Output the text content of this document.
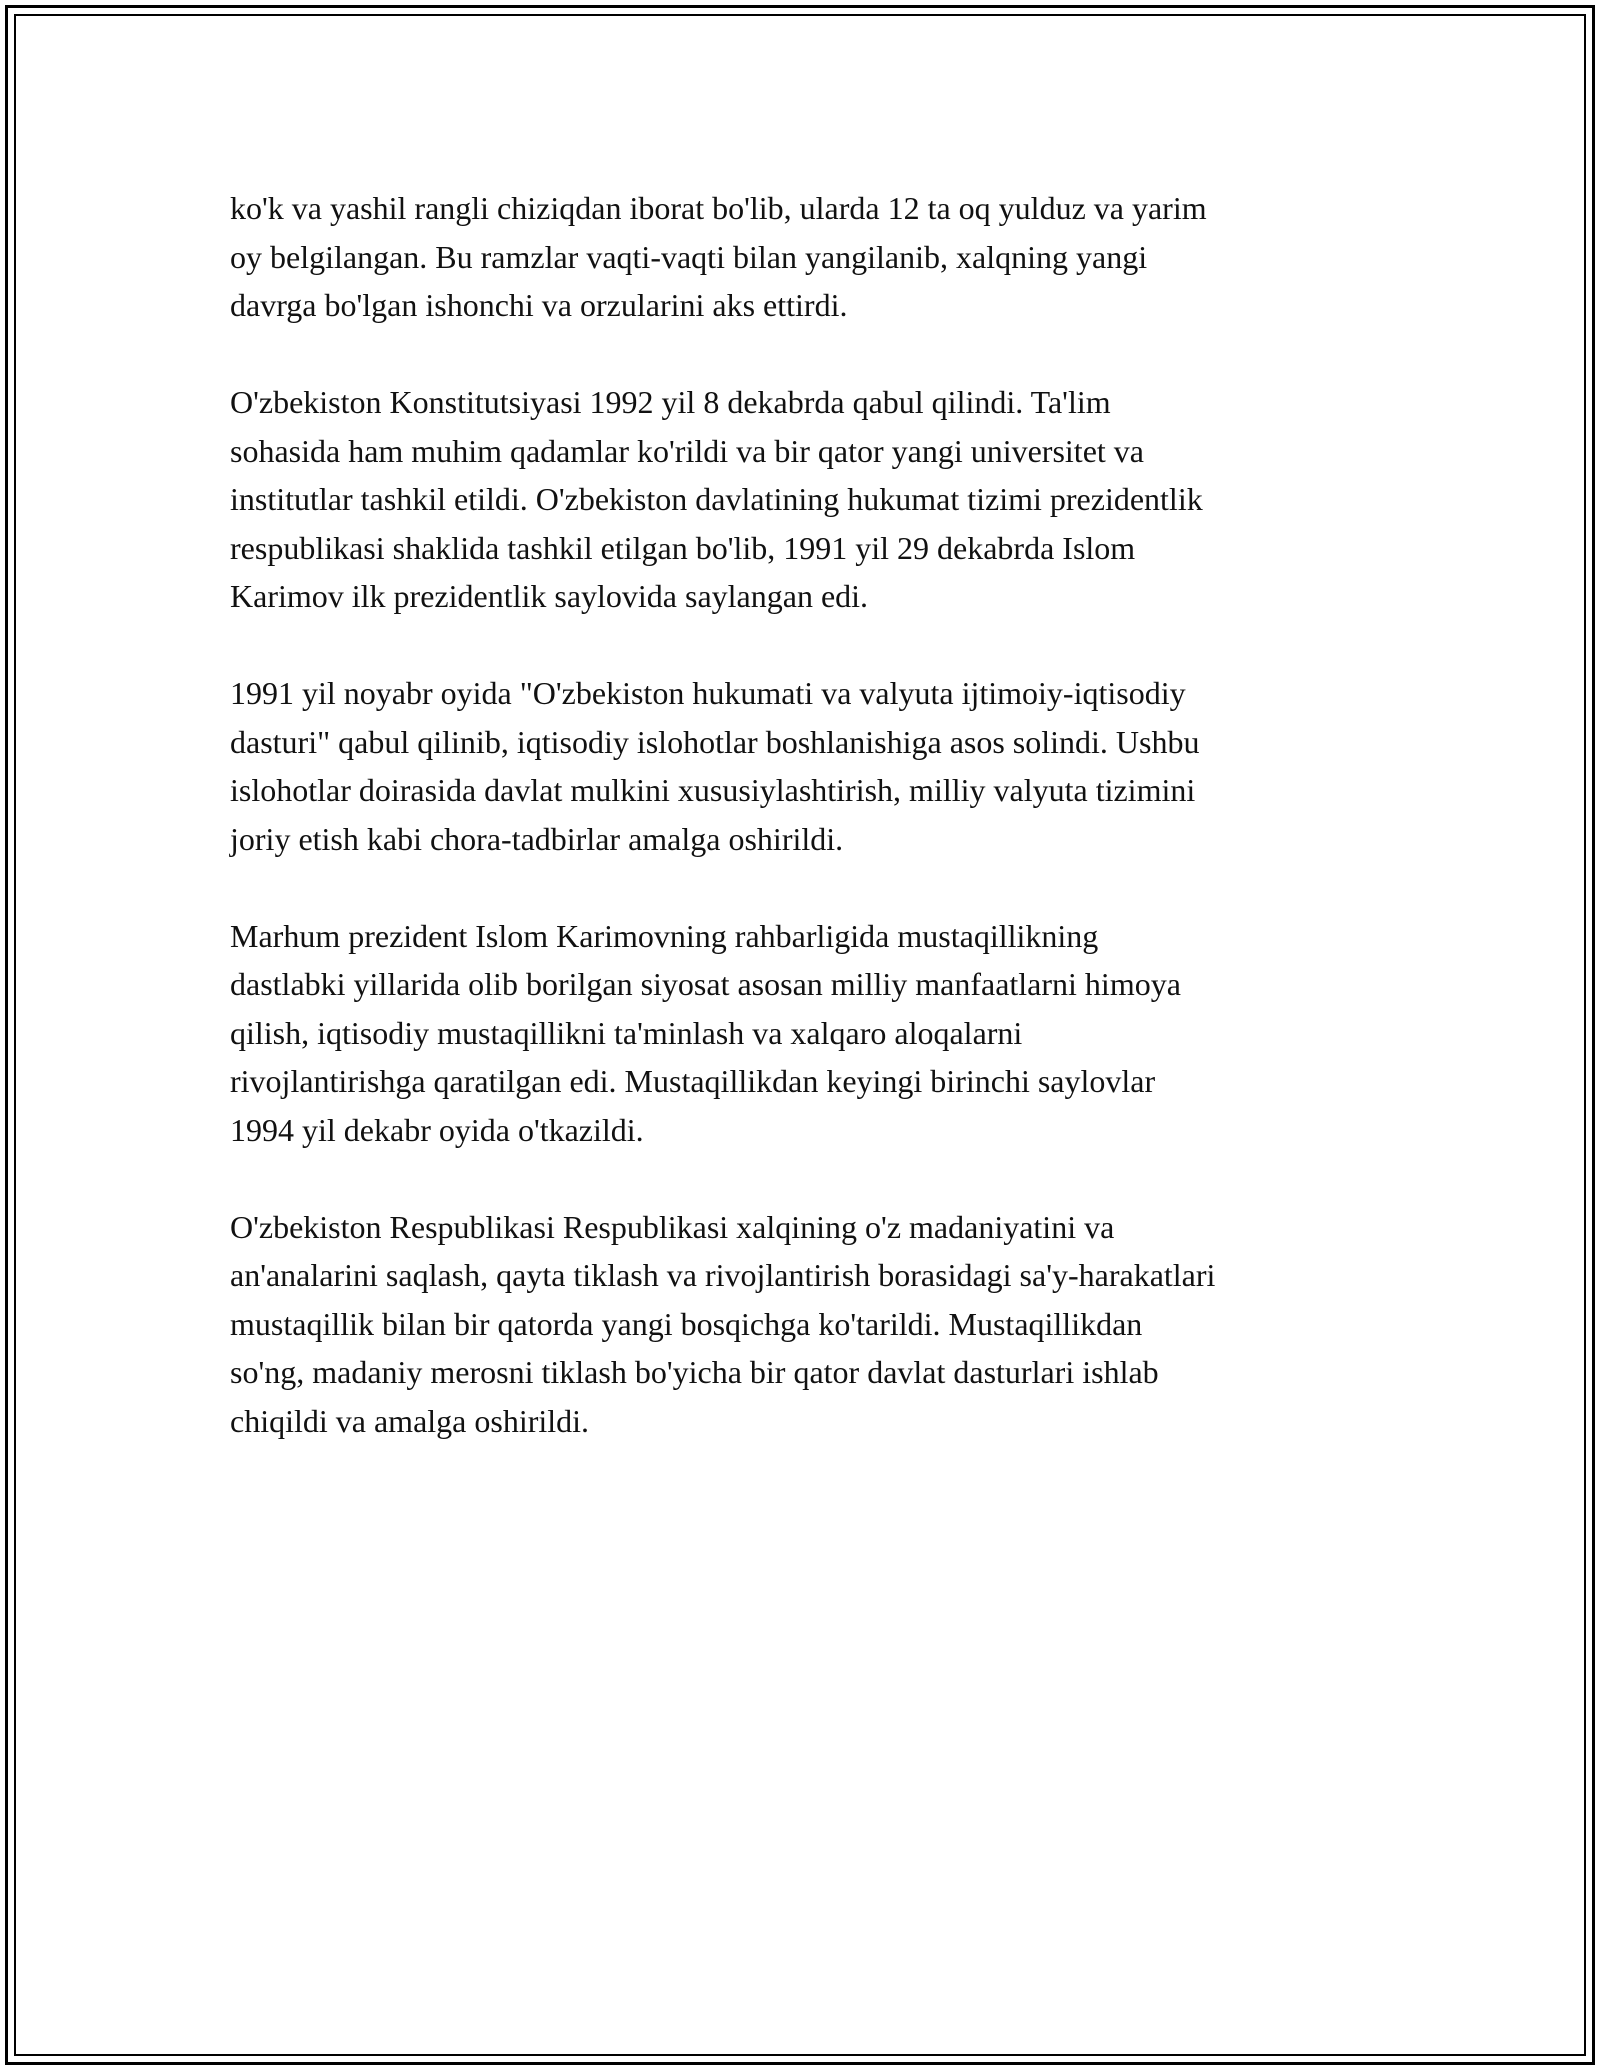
ko'k va yashil rangli chiziqdan iborat bo'lib, ularda 12 ta oq yulduz va yarim
oy belgilangan. Bu ramzlar vaqti-vaqti bilan yangilanib, xalqning yangi
davrga bo'lgan ishonchi va orzularini aks ettirdi.

O'zbekiston Konstitutsiyasi 1992 yil 8 dekabrda qabul qilindi. Ta'lim
sohasida ham muhim qadamlar ko'rildi va bir qator yangi universitet va
institutlar tashkil etildi. O'zbekiston davlatining hukumat tizimi prezidentlik
respublikasi shaklida tashkil etilgan bo'lib, 1991 yil 29 dekabrda Islom
Karimov ilk prezidentlik saylovida saylangan edi.

1991 yil noyabr oyida "O'zbekiston hukumati va valyuta ijtimoiy-iqtisodiy
dasturi" qabul qilinib, iqtisodiy islohotlar boshlanishiga asos solindi. Ushbu
islohotlar doirasida davlat mulkini xususiylashtirish, milliy valyuta tizimini
joriy etish kabi chora-tadbirlar amalga oshirildi.

Marhum prezident Islom Karimovning rahbarligida mustaqillikning
dastlabki yillarida olib borilgan siyosat asosan milliy manfaatlarni himoya
qilish, iqtisodiy mustaqillikni ta'minlash va xalqaro aloqalarni
rivojlantirishga qaratilgan edi. Mustaqillikdan keyingi birinchi saylovlar
1994 yil dekabr oyida o'tkazildi.

O'zbekiston Respublikasi Respublikasi xalqining o'z madaniyatini va
an'analarini saqlash, qayta tiklash va rivojlantirish borasidagi sa'y-harakatlari
mustaqillik bilan bir qatorda yangi bosqichga ko'tarildi. Mustaqillikdan
so'ng, madaniy merosni tiklash bo'yicha bir qator davlat dasturlari ishlab
chiqildi va amalga oshirildi.
